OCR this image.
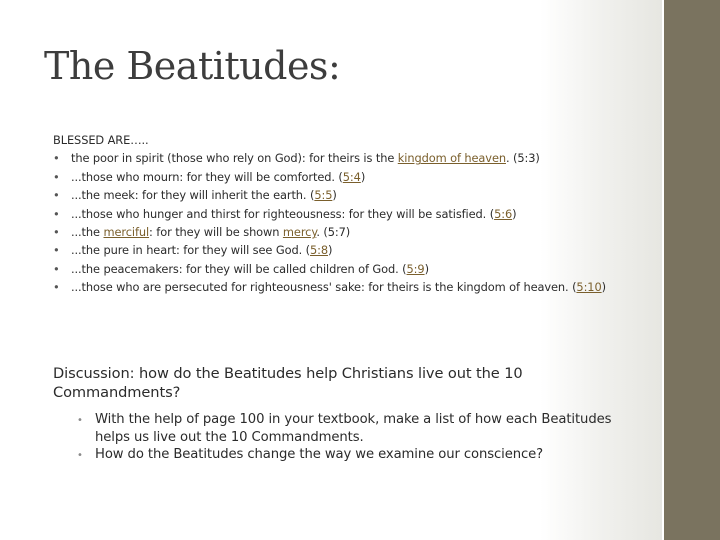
The Beatitudes:
BLESSED ARE…..
• the poor in spirit (those who rely on God): for theirs is the kingdom of heaven. (5:3)
• ...those who mourn: for they will be comforted. (5:4)
• ...the meek: for they will inherit the earth. (5:5)
• ...those who hunger and thirst for righteousness: for they will be satisfied. (5:6)
• ...the merciful: for they will be shown mercy. (5:7)
• ...the pure in heart: for they will see God. (5:8)
• ...the peacemakers: for they will be called children of God. (5:9)
• ...those who are persecuted for righteousness' sake: for theirs is the kingdom of heaven. (5:10)
Discussion: how do the Beatitudes help Christians live out the 10 Commandments?
• With the help of page 100 in your textbook, make a list of how each Beatitudes helps us live out the 10 Commandments.
• How do the Beatitudes change the way we examine our conscience?
